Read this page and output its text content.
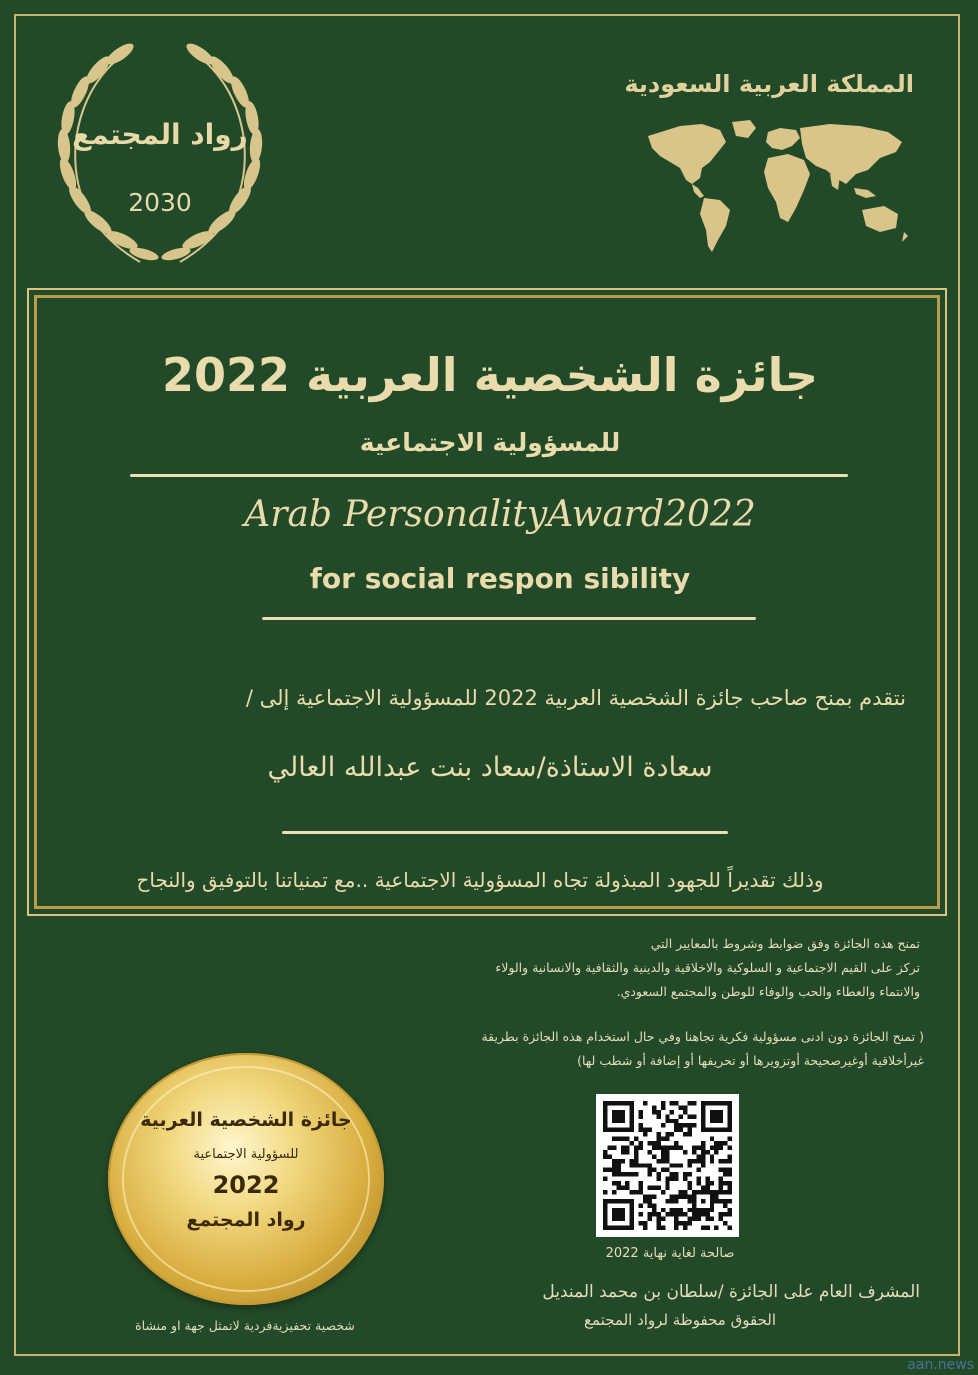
رواد المجتمع
2030
المملكة العربية السعودية
جائزة الشخصية العربية 2022
للمسؤولية الاجتماعية
Arab PersonalityAward2022
for social respon sibility
نتقدم بمنح صاحب جائزة الشخصية العربية 2022 للمسؤولية الاجتماعية إلى /
سعادة الاستاذة/سعاد بنت عبدالله العالي
وذلك تقديراً للجهود المبذولة تجاه المسؤولية الاجتماعية ..مع تمنياتنا بالتوفيق والنجاح
تمنح هذه الجائزة وفق ضوابط وشروط بالمعايير التي
تركز على القيم الاجتماعية و السلوكية والاخلاقية والدينية والثقافية والانسانية والولاء
والانتماء والعطاء والحب والوفاء للوطن والمجتمع السعودي.
( تمنح الجائزة دون ادنى مسؤولية فكرية تجاهنا وفي حال استخدام هذه الجائزة بطريقة
غيرأخلاقية أوغيرصحيحة أوتزويرها أو تحريفها أو إضافة أو شطب لها)
جائزة الشخصية العربية
للسؤولية الاجتماعية
2022
رواد المجتمع
شخصية تحفيزيةفردية لاتمثل جهة او منشاة
صالحة لغاية نهاية 2022
المشرف العام على الجائزة /سلطان بن محمد المنديل
الحقوق محفوظة لرواد المجتمع
aan.news
